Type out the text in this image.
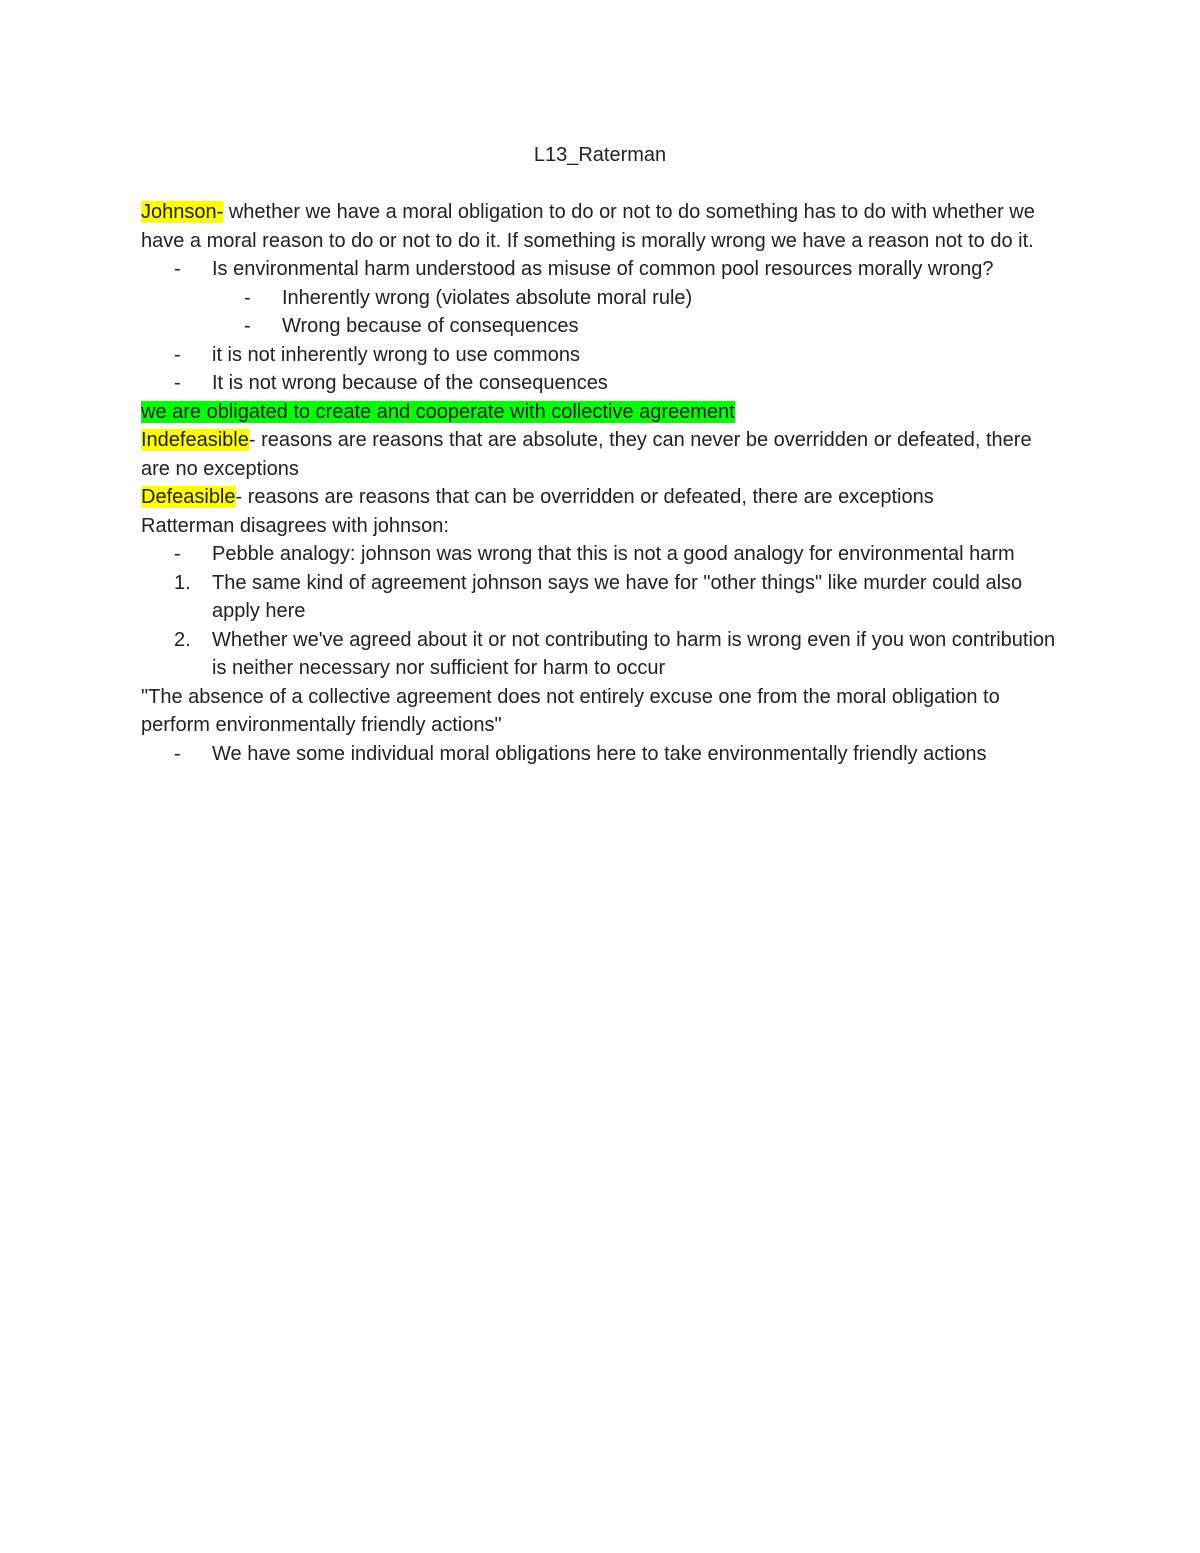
L13_Raterman

Johnson- whether we have a moral obligation to do or not to do something has to do with whether we have a moral reason to do or not to do it. If something is morally wrong we have a reason not to do it.

- Is environmental harm understood as misuse of common pool resources morally wrong?
- Inherently wrong (violates absolute moral rule)
- Wrong because of consequences
- it is not inherently wrong to use commons
- It is not wrong because of the consequences

we are obligated to create and cooperate with collective agreement

Indefeasible- reasons are reasons that are absolute, they can never be overridden or defeated, there are no exceptions

Defeasible- reasons are reasons that can be overridden or defeated, there are exceptions

Ratterman disagrees with johnson:

- Pebble analogy: johnson was wrong that this is not a good analogy for environmental harm
1. The same kind of agreement johnson says we have for "other things" like murder could also apply here
2. Whether we've agreed about it or not contributing to harm is wrong even if you won contribution is neither necessary nor sufficient for harm to occur

"The absence of a collective agreement does not entirely excuse one from the moral obligation to perform environmentally friendly actions"

- We have some individual moral obligations here to take environmentally friendly actions
